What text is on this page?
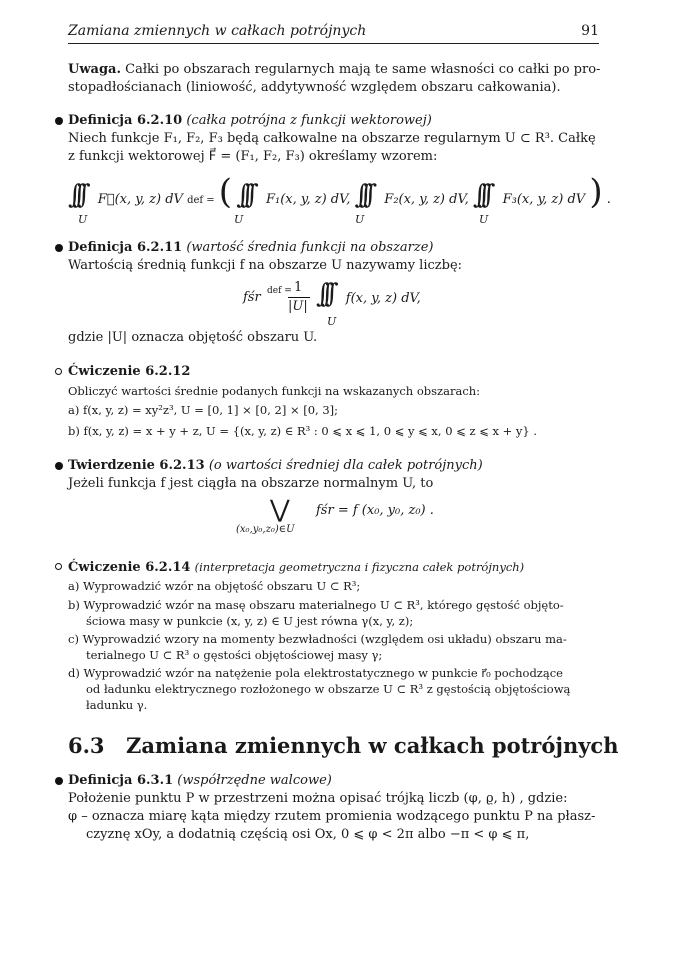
Zamiana zmiennych w całkach potrójnych	91
Uwaga. Całki po obszarach regularnych mają te same własności co całki po pro-
stopadłościanach (liniowość, addytywność względem obszaru całkowania).
Definicja 6.2.10 (całka potrójna z funkcji wektorowej)
Niech funkcje F₁, F₂, F₃ będą całkowalne na obszarze regularnym U ⊂ R³. Całkę
z funkcji wektorowej F⃗ = (F₁, F₂, F₃) określamy wzorem:
∫∫∫ F⃗(x, y, z) dV def = ( ∫∫∫ F₁(x, y, z) dV, ∫∫∫ F₂(x, y, z) dV, ∫∫∫ F₃(x, y, z) dV ) .
U	U	U	U
Definicja 6.2.11 (wartość średnia funkcji na obszarze)
Wartością średnią funkcji f na obszarze U nazywamy liczbę:
fśr def = 1
|U| ∫∫∫ f(x, y, z) dV,
U
gdzie |U| oznacza objętość obszaru U.
Ćwiczenie 6.2.12
Obliczyć wartości średnie podanych funkcji na wskazanych obszarach:
a) f(x, y, z) = xy²z³, U = [0, 1] × [0, 2] × [0, 3];
b) f(x, y, z) = x + y + z, U = {(x, y, z) ∈ R³ : 0 ⩽ x ⩽ 1, 0 ⩽ y ⩽ x, 0 ⩽ z ⩽ x + y} .
Twierdzenie 6.2.13 (o wartości średniej dla całek potrójnych)
Jeżeli funkcja f jest ciągła na obszarze normalnym U, to
⋁ fśr = f (x₀, y₀, z₀) .
(x₀,y₀,z₀)∈U
Ćwiczenie 6.2.14 (interpretacja geometryczna i fizyczna całek potrójnych)
a) Wyprowadzić wzór na objętość obszaru U ⊂ R³;
b) Wyprowadzić wzór na masę obszaru materialnego U ⊂ R³, którego gęstość objęto-
ściowa masy w punkcie (x, y, z) ∈ U jest równa γ(x, y, z);
c) Wyprowadzić wzory na momenty bezwładności (względem osi układu) obszaru ma-
terialnego U ⊂ R³ o gęstości objętościowej masy γ;
d) Wyprowadzić wzór na natężenie pola elektrostatycznego w punkcie r⃗₀ pochodzące
od ładunku elektrycznego rozłożonego w obszarze U ⊂ R³ z gęstością objętościową
ładunku γ.
6.3 Zamiana zmiennych w całkach potrójnych
Definicja 6.3.1 (współrzędne walcowe)
Położenie punktu P w przestrzeni można opisać trójką liczb (φ, ϱ, h) , gdzie:
φ – oznacza miarę kąta między rzutem promienia wodzącego punktu P na płasz-
czyznę xOy, a dodatnią częścią osi Ox, 0 ⩽ φ < 2π albo −π < φ ⩽ π,
